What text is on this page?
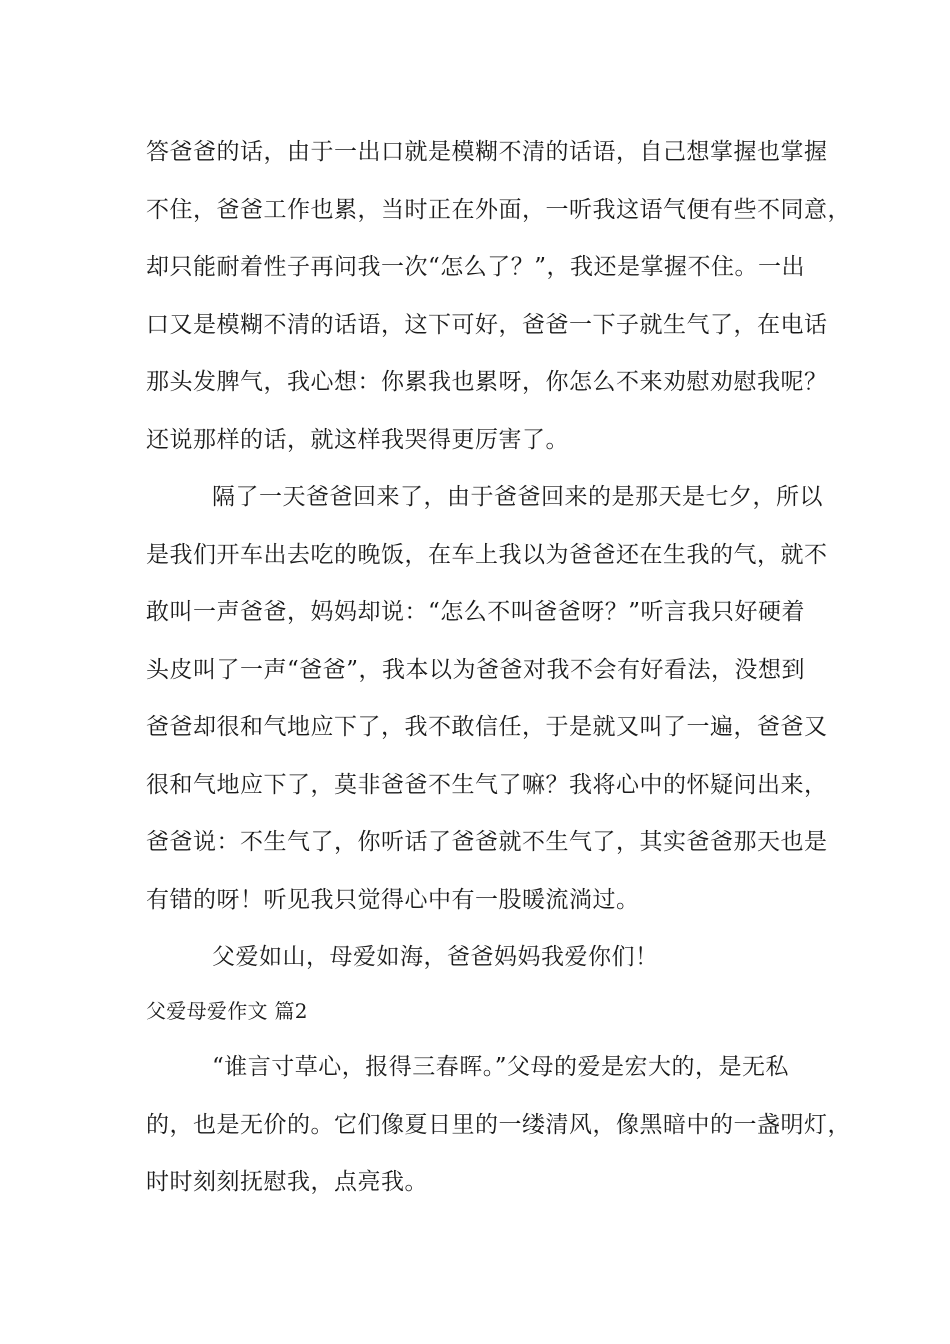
答爸爸的话，由于一出口就是模糊不清的话语，自己想掌握也掌握
不住，爸爸工作也累，当时正在外面，一听我这语气便有些不同意，
却只能耐着性子再问我一次“怎么了？”，我还是掌握不住。一出
口又是模糊不清的话语，这下可好，爸爸一下子就生气了，在电话
那头发脾气，我心想：你累我也累呀，你怎么不来劝慰劝慰我呢？
还说那样的话，就这样我哭得更厉害了。
隔了一天爸爸回来了，由于爸爸回来的是那天是七夕，所以
是我们开车出去吃的晚饭，在车上我以为爸爸还在生我的气，就不
敢叫一声爸爸，妈妈却说：“怎么不叫爸爸呀？”听言我只好硬着
头皮叫了一声“爸爸”，我本以为爸爸对我不会有好看法，没想到
爸爸却很和气地应下了，我不敢信任，于是就又叫了一遍，爸爸又
很和气地应下了，莫非爸爸不生气了嘛？我将心中的怀疑问出来，
爸爸说：不生气了，你听话了爸爸就不生气了，其实爸爸那天也是
有错的呀！听见我只觉得心中有一股暖流淌过。
父爱如山，母爱如海，爸爸妈妈我爱你们！
父爱母爱作文 篇2
“谁言寸草心，报得三春晖。”父母的爱是宏大的，是无私
的，也是无价的。它们像夏日里的一缕清风，像黑暗中的一盏明灯，
时时刻刻抚慰我，点亮我。
